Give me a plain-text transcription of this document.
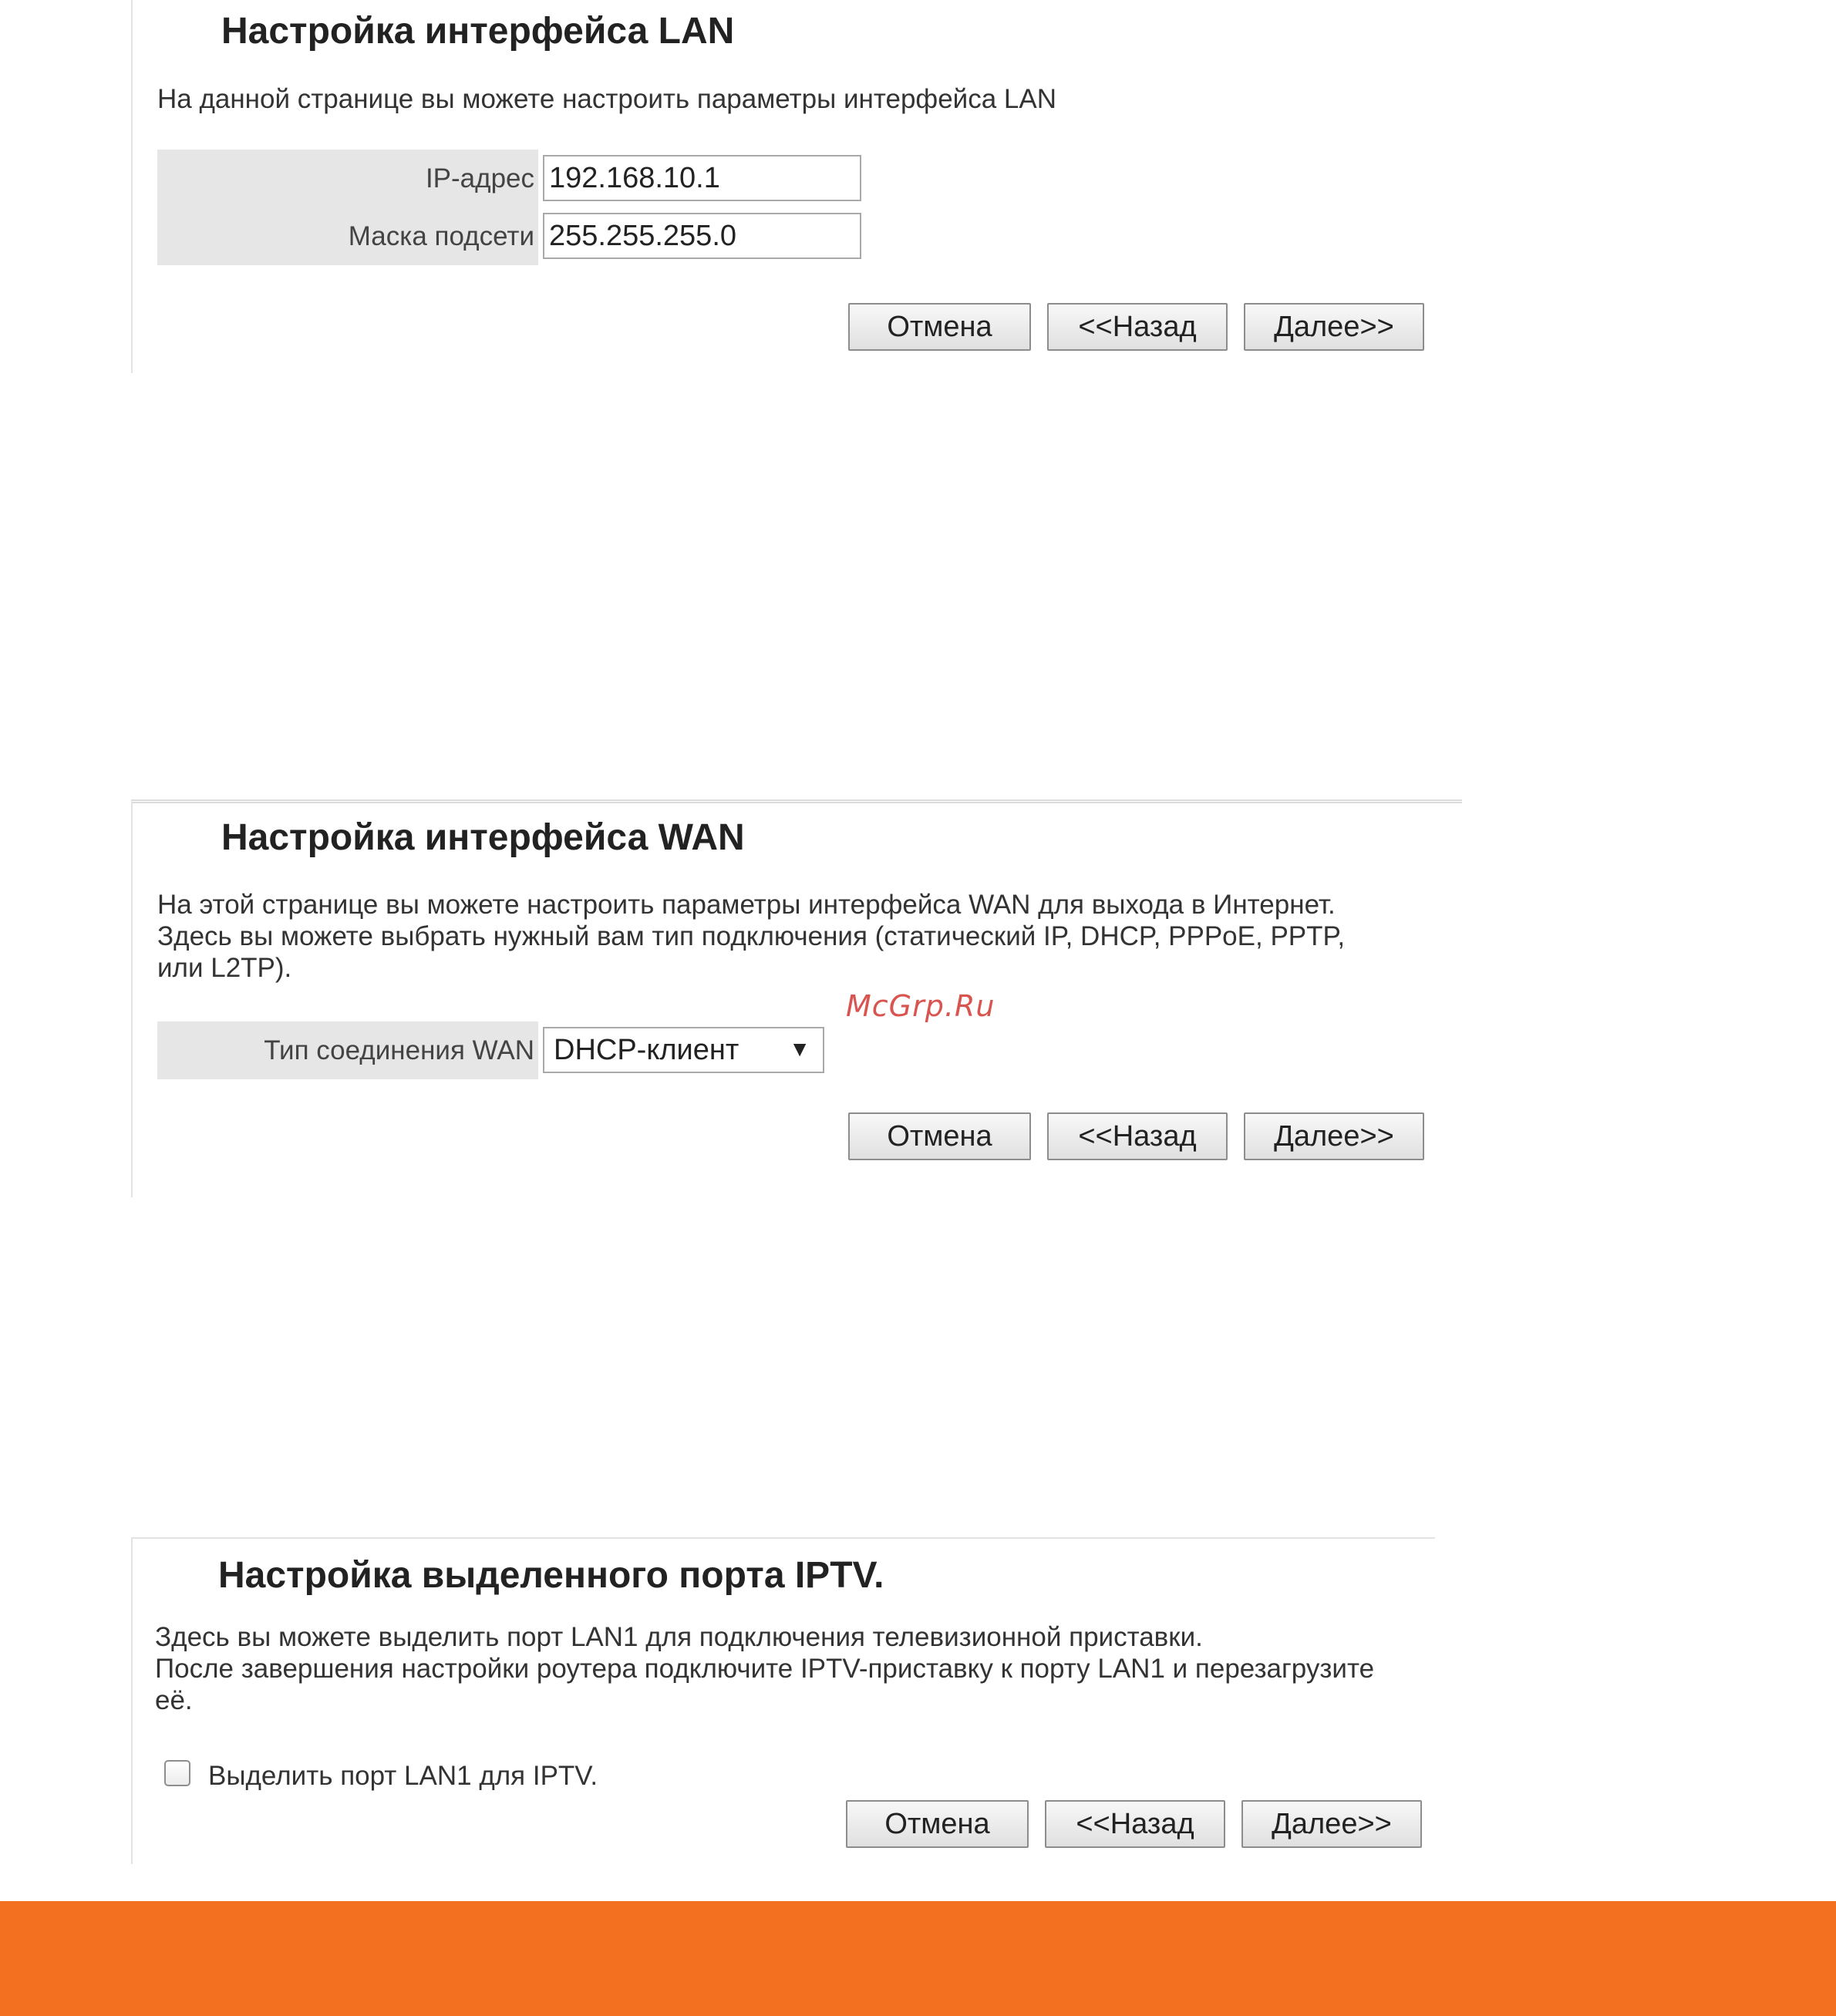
Настройка интерфейса LAN

На данной странице вы можете настроить параметры интерфейса LAN

IP-адрес
192.168.10.1
Маска подсети
255.255.255.0
Отмена	<<Назад	Далее>>
Настройка интерфейса WAN

На этой странице вы можете настроить параметры интерфейса WAN для выхода в Интернет.

Здесь вы можете выбрать нужный вам тип подключения (статический IP, DHCP, PPPoE, PPTP,

или L2TP).

Тип соединения WAN DHCP-клиент ▼
Отмена	<<Назад	Далее>>
Настройка выделенного порта IPTV.

Здесь вы можете выделить порт LAN1 для подключения телевизионной приставки.

После завершения настройки роутера подключите IPTV-приставку к порту LAN1 и перезагрузите

её.

Выделить порт LAN1 для IPTV.
Отмена	<<Назад	Далее>>
McGrp.Ru
